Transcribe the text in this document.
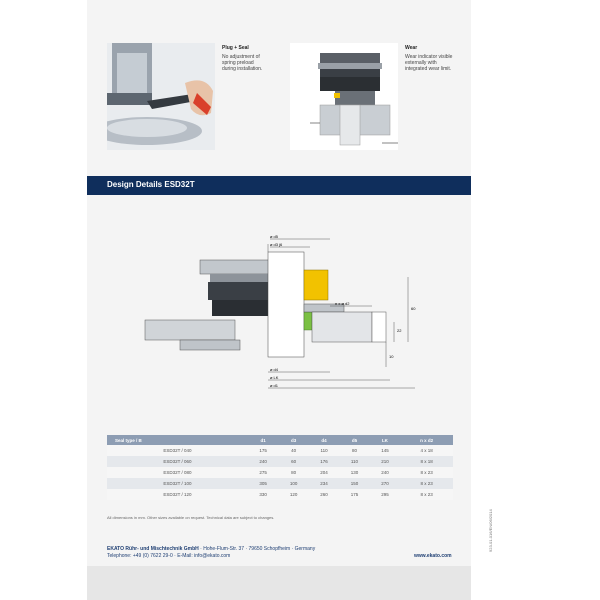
Plug + Seal
No adjustment of
spring preload
during installation.
Wear
Wear indicator visible
externally with
integrated wear limit.
Design Details ESD32T
⌀ d5
⌀ d3 j6
n x ⌀ d2
60
22
10
⌀ d4
⌀ LK
⌀ d1
Seal type / B	d1	d3	d4	d5	LK	n x d2
ESD32T / 040	175	40	110	80	145	4 x 18
ESD32T / 060	240	60	176	110	210	8 x 18
ESD32T / 080	275	80	204	130	240	8 x 23
ESD32T / 100	305	100	234	150	270	8 x 23
ESD32T / 120	330	120	260	175	295	8 x 23
All dimensions in mm. Other sizes available on request. Technical data are subject to changes.
EKATO Rühr- und Mischtechnik GmbH · Hohe-Flum-Str. 37 · 79650 Schopfheim · Germany
Telephone: +49 (0) 7622 29-0 · E-Mail: info@ekato.com	www.ekato.com
923-01-016/EN/06/2014
